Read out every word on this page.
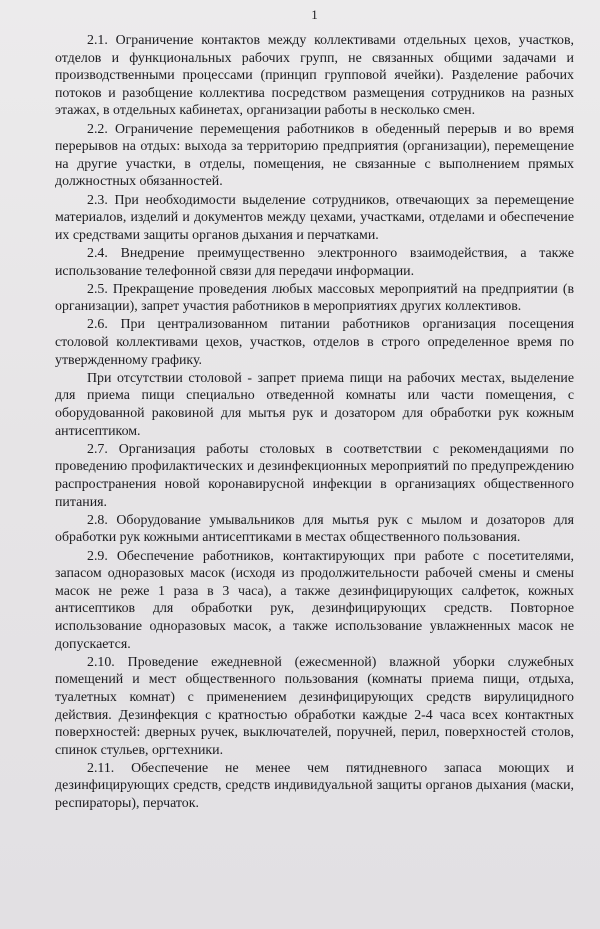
1

2.1. Ограничение контактов между коллективами отдельных цехов, участков, отделов и функциональных рабочих групп, не связанных общими задачами и производственными процессами (принцип групповой ячейки). Разделение рабочих потоков и разобщение коллектива посредством размещения сотрудников на разных этажах, в отдельных кабинетах, организации работы в несколько смен.

2.2. Ограничение перемещения работников в обеденный перерыв и во время перерывов на отдых: выхода за территорию предприятия (организации), перемещение на другие участки, в отделы, помещения, не связанные с выполнением прямых должностных обязанностей.

2.3. При необходимости выделение сотрудников, отвечающих за перемещение материалов, изделий и документов между цехами, участками, отделами и обеспечение их средствами защиты органов дыхания и перчатками.

2.4. Внедрение преимущественно электронного взаимодействия, а также использование телефонной связи для передачи информации.

2.5. Прекращение проведения любых массовых мероприятий на предприятии (в организации), запрет участия работников в мероприятиях других коллективов.

2.6. При централизованном питании работников организация посещения столовой коллективами цехов, участков, отделов в строго определенное время по утвержденному графику.

При отсутствии столовой - запрет приема пищи на рабочих местах, выделение для приема пищи специально отведенной комнаты или части помещения, с оборудованной раковиной для мытья рук и дозатором для обработки рук кожным антисептиком.

2.7. Организация работы столовых в соответствии с рекомендациями по проведению профилактических и дезинфекционных мероприятий по предупреждению распространения новой коронавирусной инфекции в организациях общественного питания.

2.8. Оборудование умывальников для мытья рук с мылом и дозаторов для обработки рук кожными антисептиками в местах общественного пользования.

2.9. Обеспечение работников, контактирующих при работе с посетителями, запасом одноразовых масок (исходя из продолжительности рабочей смены и смены масок не реже 1 раза в 3 часа), а также дезинфицирующих салфеток, кожных антисептиков для обработки рук, дезинфицирующих средств. Повторное использование одноразовых масок, а также использование увлажненных масок не допускается.

2.10. Проведение ежедневной (ежесменной) влажной уборки служебных помещений и мест общественного пользования (комнаты приема пищи, отдыха, туалетных комнат) с применением дезинфицирующих средств вирулицидного действия. Дезинфекция с кратностью обработки каждые 2-4 часа всех контактных поверхностей: дверных ручек, выключателей, поручней, перил, поверхностей столов, спинок стульев, оргтехники.

2.11. Обеспечение не менее чем пятидневного запаса моющих и дезинфицирующих средств, средств индивидуальной защиты органов дыхания (маски, респираторы), перчаток.
